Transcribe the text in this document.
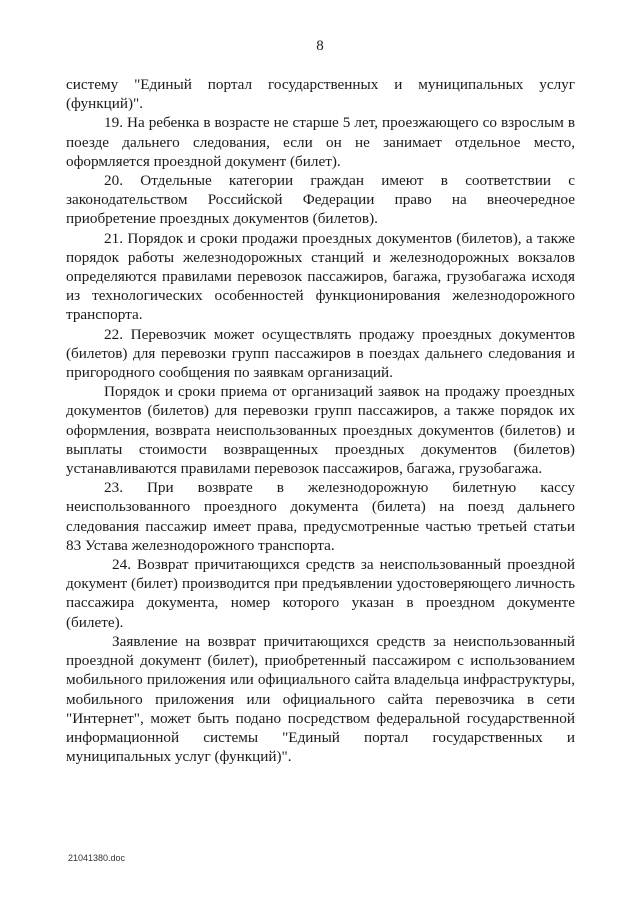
8

систему "Единый портал государственных и муниципальных услуг (функций)".

19. На ребенка в возрасте не старше 5 лет, проезжающего со взрослым в поезде дальнего следования, если он не занимает отдельное место, оформляется проездной документ (билет).

20. Отдельные категории граждан имеют в соответствии с законодательством Российской Федерации право на внеочередное приобретение проездных документов (билетов).

21. Порядок и сроки продажи проездных документов (билетов), а также порядок работы железнодорожных станций и железнодорожных вокзалов определяются правилами перевозок пассажиров, багажа, грузобагажа исходя из технологических особенностей функционирования железнодорожного транспорта.

22. Перевозчик может осуществлять продажу проездных документов (билетов) для перевозки групп пассажиров в поездах дальнего следования и пригородного сообщения по заявкам организаций.

Порядок и сроки приема от организаций заявок на продажу проездных документов (билетов) для перевозки групп пассажиров, а также порядок их оформления, возврата неиспользованных проездных документов (билетов) и выплаты стоимости возвращенных проездных документов (билетов) устанавливаются правилами перевозок пассажиров, багажа, грузобагажа.

23. При возврате в железнодорожную билетную кассу неиспользованного проездного документа (билета) на поезд дальнего следования пассажир имеет права, предусмотренные частью третьей статьи 83 Устава железнодорожного транспорта.

24. Возврат причитающихся средств за неиспользованный проездной документ (билет) производится при предъявлении удостоверяющего личность пассажира документа, номер которого указан в проездном документе (билете).

Заявление на возврат причитающихся средств за неиспользованный проездной документ (билет), приобретенный пассажиром с использованием мобильного приложения или официального сайта владельца инфраструктуры, мобильного приложения или официального сайта перевозчика в сети "Интернет", может быть подано посредством федеральной государственной информационной системы "Единый портал государственных и муниципальных услуг (функций)".

21041380.doc
